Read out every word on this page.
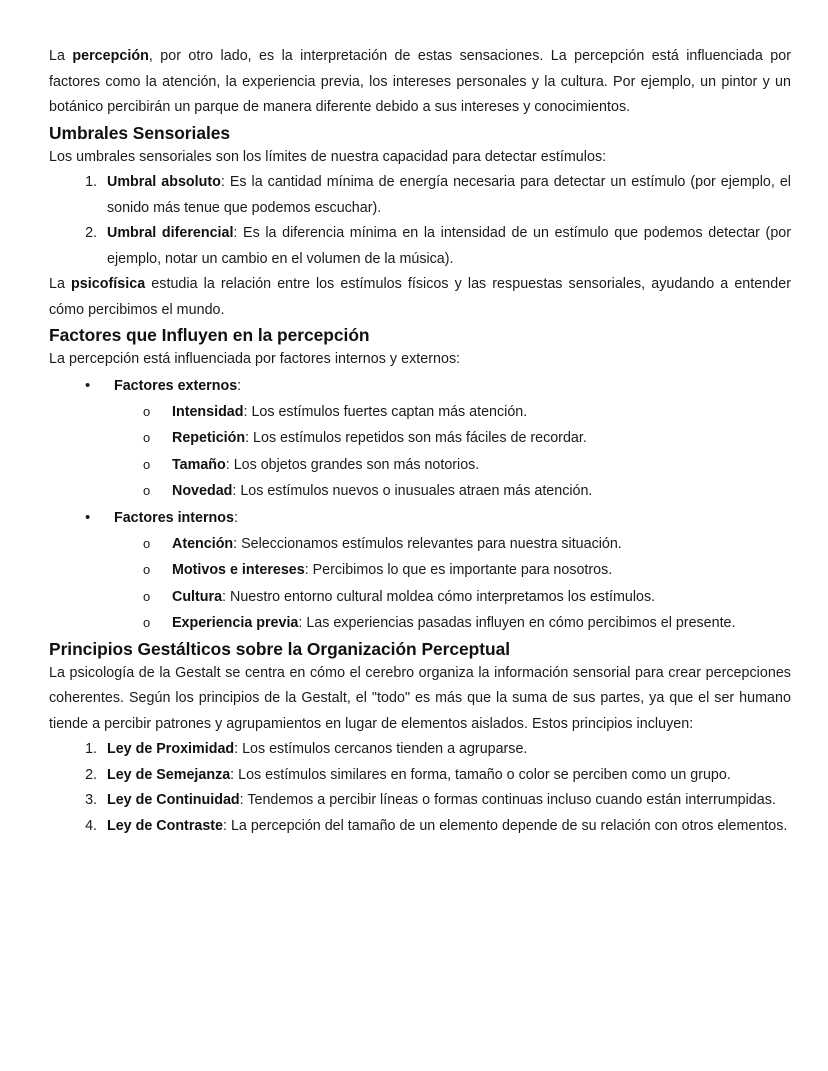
La percepción, por otro lado, es la interpretación de estas sensaciones. La percepción está influenciada por factores como la atención, la experiencia previa, los intereses personales y la cultura. Por ejemplo, un pintor y un botánico percibirán un parque de manera diferente debido a sus intereses y conocimientos.

Umbrales Sensoriales

Los umbrales sensoriales son los límites de nuestra capacidad para detectar estímulos:

1. Umbral absoluto: Es la cantidad mínima de energía necesaria para detectar un estímulo (por ejemplo, el sonido más tenue que podemos escuchar).
2. Umbral diferencial: Es la diferencia mínima en la intensidad de un estímulo que podemos detectar (por ejemplo, notar un cambio en el volumen de la música).

La psicofísica estudia la relación entre los estímulos físicos y las respuestas sensoriales, ayudando a entender cómo percibimos el mundo.

Factores que Influyen en la percepción

La percepción está influenciada por factores internos y externos:

•	Factores externos:
o	Intensidad: Los estímulos fuertes captan más atención.
o	Repetición: Los estímulos repetidos son más fáciles de recordar.
o	Tamaño: Los objetos grandes son más notorios.
o	Novedad: Los estímulos nuevos o inusuales atraen más atención.
•	Factores internos:
o	Atención: Seleccionamos estímulos relevantes para nuestra situación.
o	Motivos e intereses: Percibimos lo que es importante para nosotros.
o	Cultura: Nuestro entorno cultural moldea cómo interpretamos los estímulos.
o	Experiencia previa: Las experiencias pasadas influyen en cómo percibimos el presente.
Principios Gestálticos sobre la Organización Perceptual

La psicología de la Gestalt se centra en cómo el cerebro organiza la información sensorial para crear percepciones coherentes. Según los principios de la Gestalt, el "todo" es más que la suma de sus partes, ya que el ser humano tiende a percibir patrones y agrupamientos en lugar de elementos aislados. Estos principios incluyen:

1. Ley de Proximidad: Los estímulos cercanos tienden a agruparse.
2. Ley de Semejanza: Los estímulos similares en forma, tamaño o color se perciben como un grupo.
3. Ley de Continuidad: Tendemos a percibir líneas o formas continuas incluso cuando están interrumpidas.
4. Ley de Contraste: La percepción del tamaño de un elemento depende de su relación con otros elementos.
